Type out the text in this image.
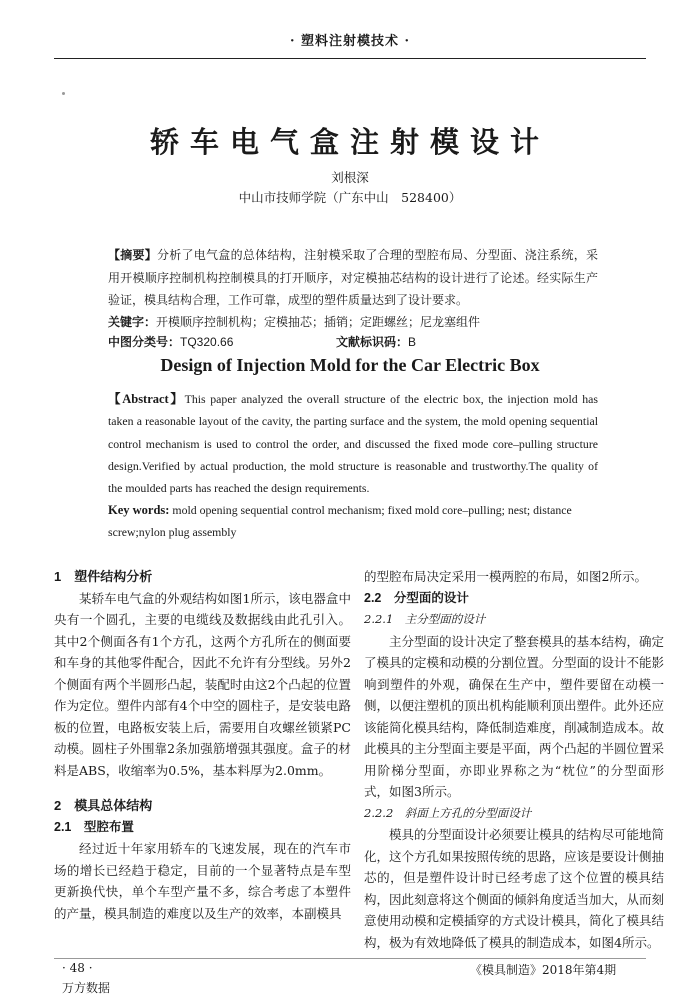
· 塑料注射模技术 ·
轿车电气盒注射模设计
刘根深
中山市技师学院（广东中山　528400）
【摘要】分析了电气盒的总体结构，注射模采取了合理的型腔布局、分型面、浇注系统，采用开模顺序控制机构控制模具的打开顺序，对定模抽芯结构的设计进行了论述。经实际生产验证，模具结构合理，工作可靠，成型的塑件质量达到了设计要求。
关键字：开模顺序控制机构；定模抽芯；插销；定距螺丝；尼龙塞组件
中图分类号：TQ320.66	文献标识码：B
Design of Injection Mold for the Car Electric Box
【Abstract】This paper analyzed the overall structure of the electric box, the injection mold has taken a reasonable layout of the cavity, the parting surface and the system, the mold opening sequential control mechanism is used to control the order, and discussed the fixed mode core–pulling structure design.Verified by actual production, the mold structure is reasonable and trustworthy.The quality of the moulded parts has reached the design requirements.
Key words: mold opening sequential control mechanism; fixed mold core–pulling; nest; distance screw;nylon plug assembly

1　塑件结构分析

某轿车电气盒的外观结构如图1所示，该电器盒中央有一个圆孔，主要的电缆线及数据线由此孔引入。其中2个侧面各有1个方孔，这两个方孔所在的侧面要和车身的其他零件配合，因此不允许有分型线。另外2个侧面有两个半圆形凸起，装配时由这2个凸起的位置作为定位。塑件内部有4个中空的圆柱子，是安装电路板的位置，电路板安装上后，需要用自攻螺丝锁紧PC动模。圆柱子外围靠2条加强筋增强其强度。盒子的材料是ABS，收缩率为0.5%，基本料厚为2.0mm。

2　模具总体结构

2.1　型腔布置

经过近十年家用轿车的飞速发展，现在的汽车市场的增长已经趋于稳定，目前的一个显著特点是车型更新换代快，单个车型产量不多，综合考虑了本塑件的产量，模具制造的难度以及生产的效率，本副模具

的型腔布局决定采用一模两腔的布局，如图2所示。

2.2　分型面的设计

2.2.1　主分型面的设计

主分型面的设计决定了整套模具的基本结构，确定了模具的定模和动模的分割位置。分型面的设计不能影响到塑件的外观，确保在生产中，塑件要留在动模一侧，以便注塑机的顶出机构能顺利顶出塑件。此外还应该能简化模具结构，降低制造难度，削减制造成本。故此模具的主分型面主要是平面，两个凸起的半圆位置采用阶梯分型面，亦即业界称之为“枕位”的分型面形式，如图3所示。

2.2.2　斜面上方孔的分型面设计

模具的分型面设计必须要让模具的结构尽可能地简化，这个方孔如果按照传统的思路，应该是要设计侧抽芯的，但是塑件设计时已经考虑了这个位置的模具结构，因此刻意将这个侧面的倾斜角度适当加大，从而刻意使用动模和定模插穿的方式设计模具，简化了模具结构，极为有效地降低了模具的制造成本，如图4所示。

· 48 ·	《模具制造》2018年第4期
万方数据
